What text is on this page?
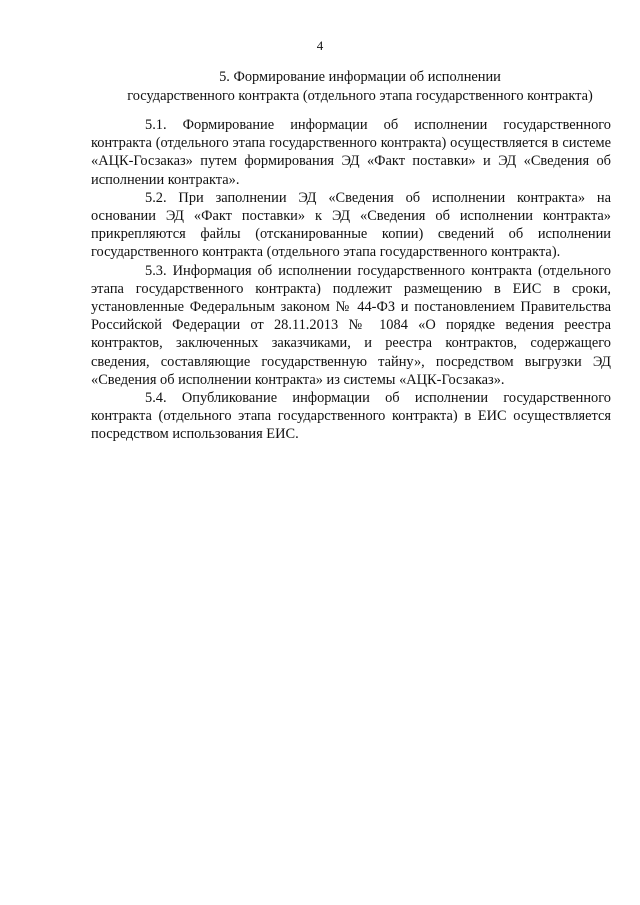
4
5. Формирование информации об исполнении
государственного контракта (отдельного этапа государственного контракта)

5.1. Формирование информации об исполнении государственного контракта (отдельного этапа государственного контракта) осуществляется в системе «АЦК-Госзаказ» путем формирования ЭД «Факт поставки» и ЭД «Сведения об исполнении контракта».

5.2. При заполнении ЭД «Сведения об исполнении контракта» на основании ЭД «Факт поставки» к ЭД «Сведения об исполнении контракта» прикрепляются файлы (отсканированные копии) сведений об исполнении государственного контракта (отдельного этапа государственного контракта).

5.3. Информация об исполнении государственного контракта (отдельного этапа государственного контракта) подлежит размещению в ЕИС в сроки, установленные Федеральным законом № 44-ФЗ и постановлением Правительства Российской Федерации от 28.11.2013 № 1084 «О порядке ведения реестра контрактов, заключенных заказчиками, и реестра контрактов, содержащего сведения, составляющие государственную тайну», посредством выгрузки ЭД «Сведения об исполнении контракта» из системы «АЦК-Госзаказ».

5.4. Опубликование информации об исполнении государственного контракта (отдельного этапа государственного контракта) в ЕИС осуществляется посредством использования ЕИС.
